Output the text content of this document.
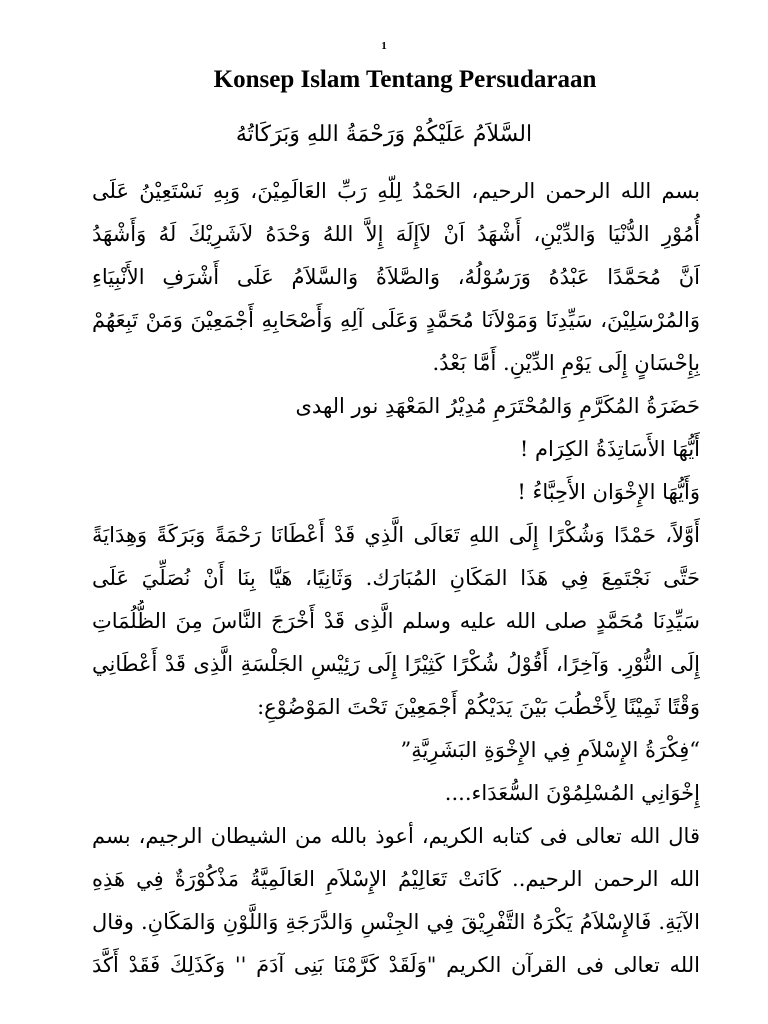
1
Konsep Islam Tentang Persudaraan
السَّلاَمُ عَلَيْكُمْ وَرَحْمَةُ اللهِ وَبَرَكَاتُهُ
بسم الله الرحمن الرحيم، الحَمْدُ لِلّهِ رَبِّ العَالَمِيْنَ، وَبِهِ نَسْتَعِيْنُ عَلَى
أُمُوْرِ الدُّنْيَا وَالدِّيْنِ، أَشْهَدُ اَنْ لاَإِلَهَ إِلاَّ اللهُ وَحْدَهُ لاَشَرِيْكَ لَهُ وَأَشْهَدُ
اَنَّ مُحَمَّدًا عَبْدُهُ وَرَسُوْلُهُ، وَالصَّلاَةُ وَالسَّلاَمُ عَلَى أَشْرَفِ الأَنْبِيَاءِ
وَالمُرْسَلِيْنَ، سَيِّدِنَا وَمَوْلاَنَا مُحَمَّدٍ وَعَلَى آلِهِ وَأَصْحَابِهِ أَجْمَعِيْنَ وَمَنْ تَبِعَهُمْ
بِإِحْسَانٍ إِلَى يَوْمِ الدِّيْنِ. أَمَّا بَعْدُ.
حَضَرَةُ المُكَرَّمِ وَالمُحْتَرَمِ مُدِيْرُ المَعْهَدِ نور الهدى
أَيُّهَا الأَسَاتِذَةُ الكِرَام !
وَأَيُّهَا الإِخْوَان الأَحِبَّاءُ !
أَوَّلاً، حَمْدًا وَشُكْرًا إِلَى اللهِ تَعَالَى الَّذِي قَدْ أَعْطَانَا رَحْمَةً وَبَرَكَةً وَهِدَايَةً
حَتَّى نَجْتَمِعَ فِي هَذَا المَكَانِ المُبَارَك. وَثَانِيًا، هَيَّا بِنَا أَنْ نُصَلِّيَ عَلَى
سَيِّدِنَا مُحَمَّدٍ صلى الله عليه وسلم الَّذِى قَدْ أَخْرَجَ النَّاسَ مِنَ الظُّلُمَاتِ
إِلَى النُّوْرِ. وَآخِرًا، أَقُوْلُ شُكْرًا كَثِيْرًا إِلَى رَئِيْسِ الجَلْسَةِ الَّذِى قَدْ أَعْطَانِي
وَقْتًا ثَمِيْنًا لِأَخْطُبَ بَيْنَ يَدَيْكُمْ أَجْمَعِيْنَ تَحْتَ المَوْضُوْعِ:
“فِكْرَةُ الإِسْلاَمِ فِي الإِخْوَةِ البَشَرِيَّةِ”
إِخْوَانِي المُسْلِمُوْنَ السُّعَدَاء....
قال الله تعالى فى كتابه الكريم، أعوذ بالله من الشيطان الرجيم، بسم
الله الرحمن الرحيم.. كَانَتْ تَعَالِيْمُ الإِسْلاَمِ العَالَمِيَّةُ مَذْكُوْرَةٌ فِي هَذِهِ
الآيَةِ. فَالإِسْلاَمُ يَكْرَهُ التَّفْرِيْقَ فِي الجِنْسِ وَالدَّرَجَةِ وَاللَّوْنِ وَالمَكَانِ. وقال
الله تعالى فى القرآن الكريم "وَلَقَدْ كَرَّمْنَا بَنِى آدَمَ '' وَكَذَلِكَ فَقَدْ أَكَّدَ
